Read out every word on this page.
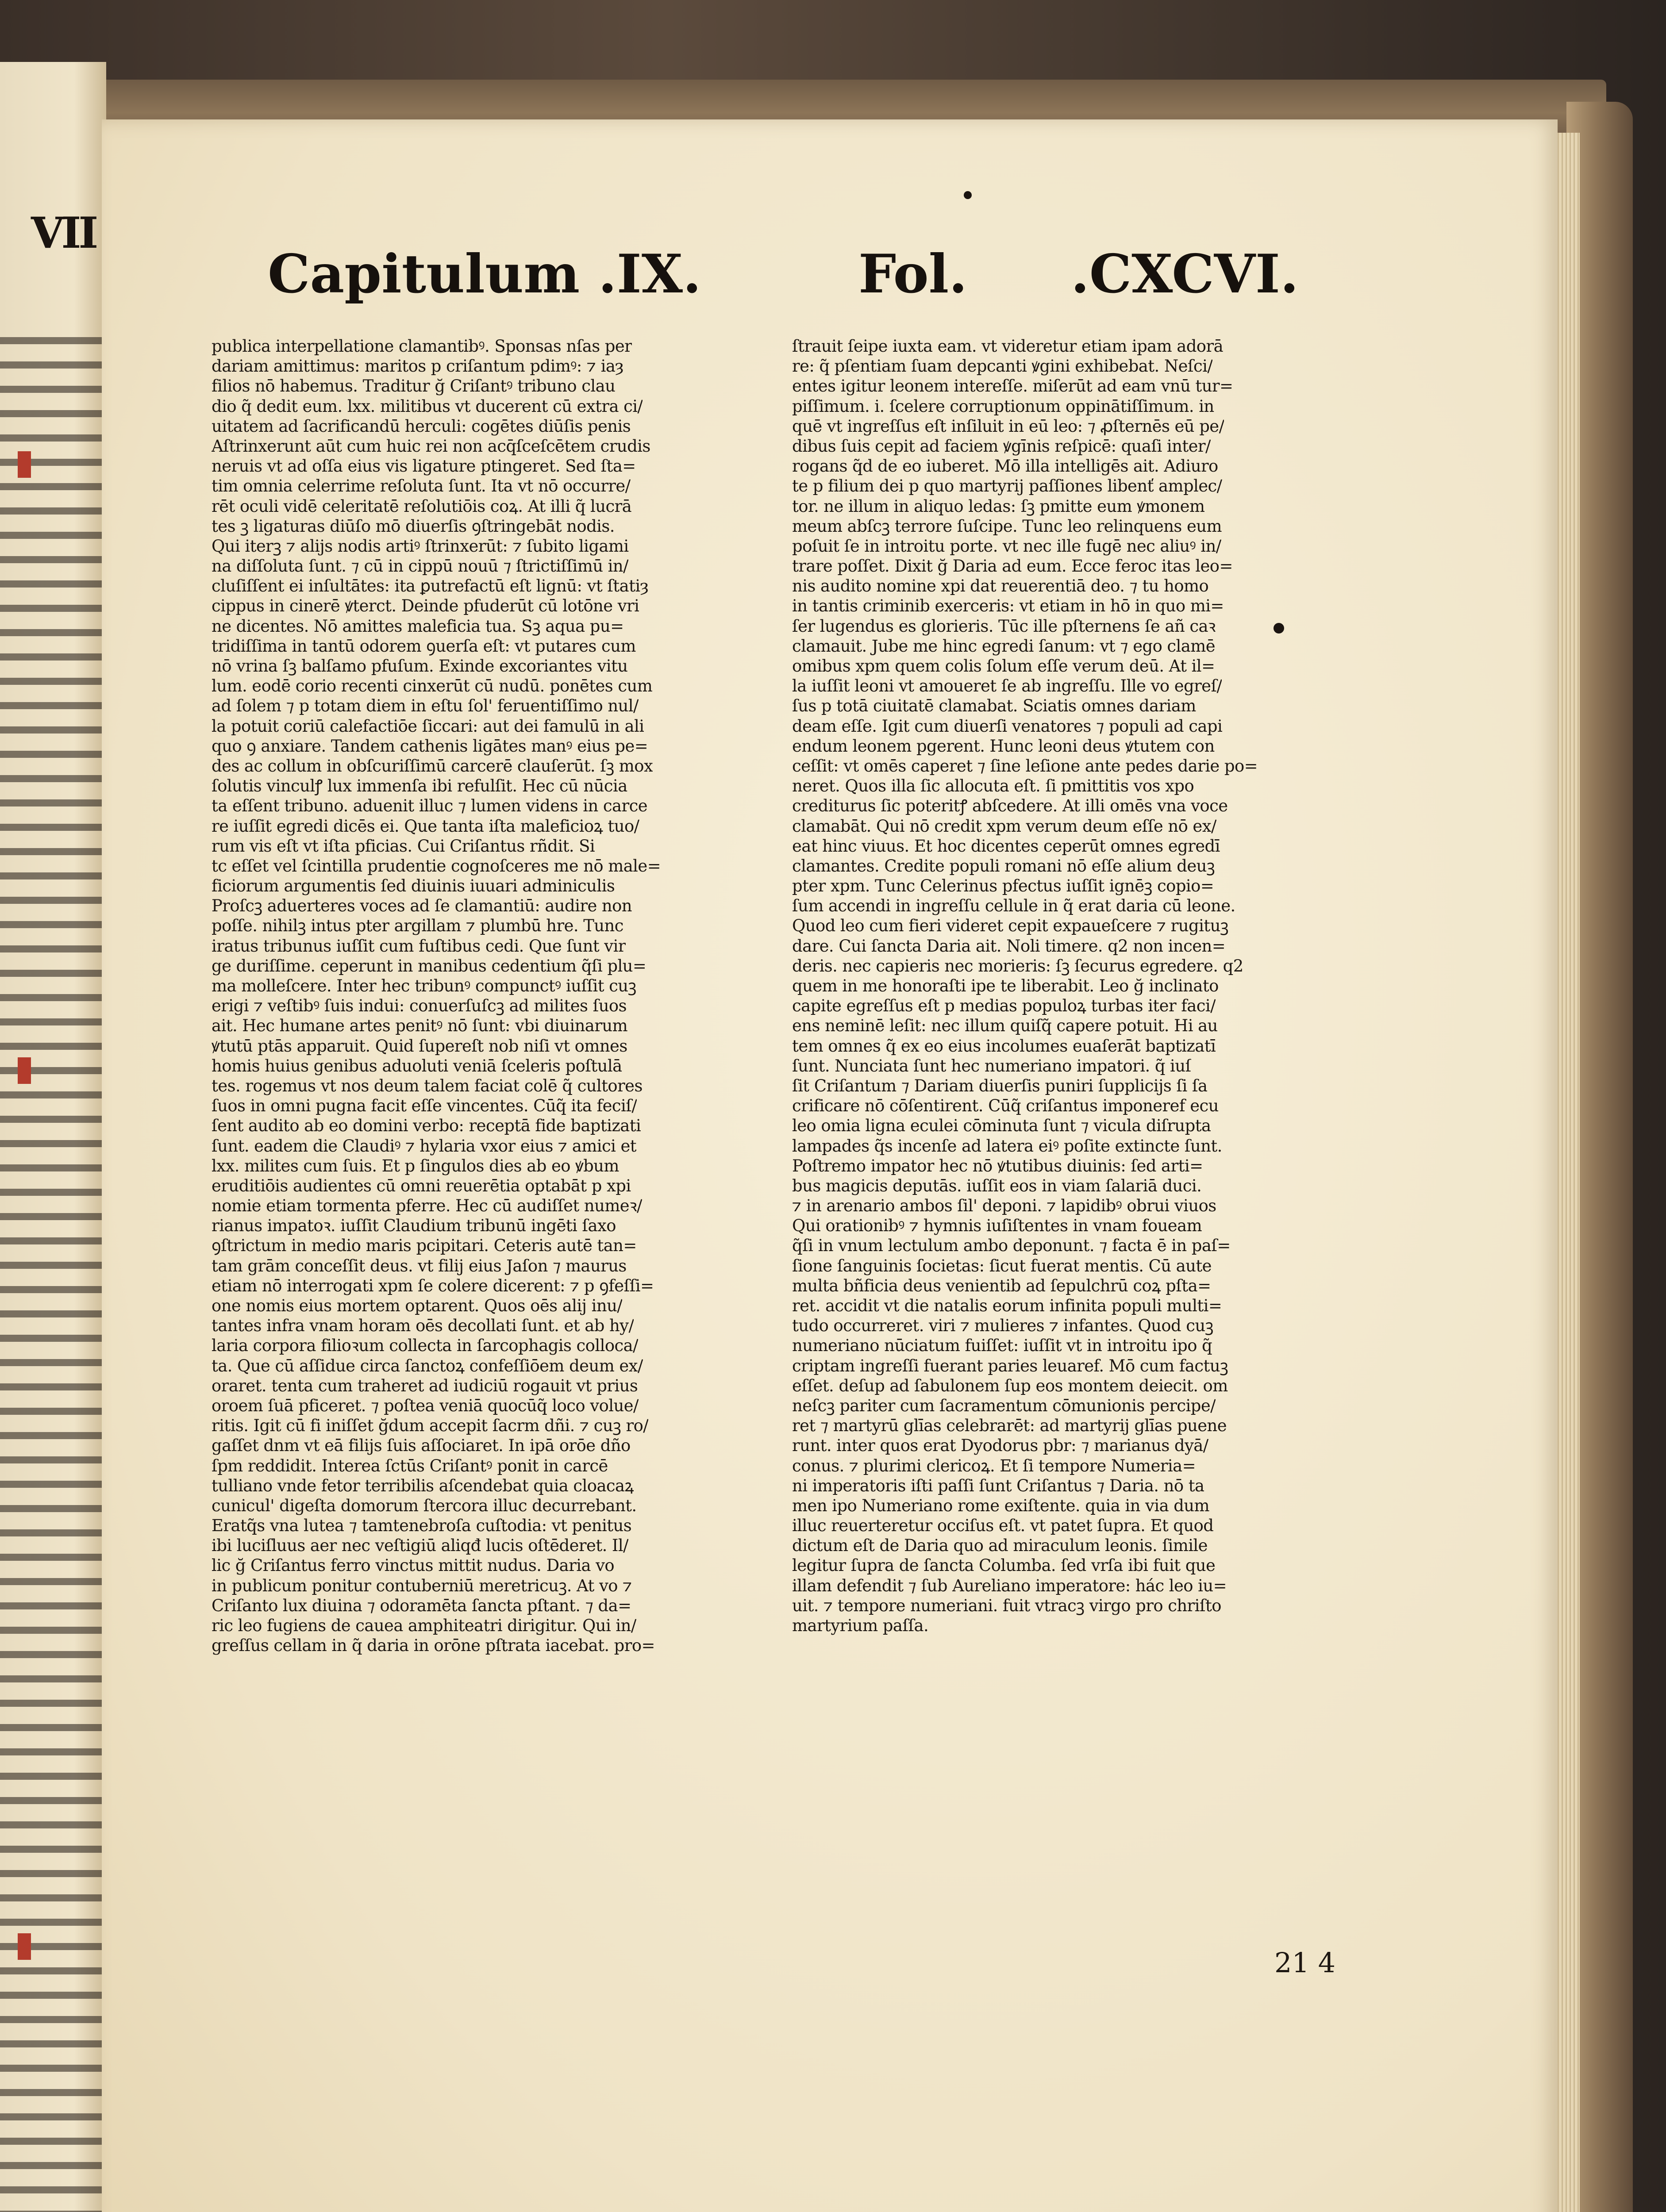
VII
Capitulum .IX.	Fol. .CXCVI.
publica interpellatione clamantibꝰ. Sponsas nſas per
dariam amittimus: maritos p criſantum pdimꝰ: ⁊ iaȝ
filios nō habemus. Traditur ğ Criſantꝰ tribuno clau
dio q̃ dedit eum. lxx. militibus vt ducerent cū extra ci/
uitatem ad ſacrificandū herculi: cogētes diūſis penis
Aſtrinxerunt aūt cum huic rei non acq̄ſceſcētem crudis
neruis vt ad oſſa eius vis ligature ptingeret. Sed ſta=
tim omnia celerrime reſoluta ſunt. Ita vt nō occurre/
rēt oculi vidē celeritatē reſolutiōis coꝝ. At illi q̃ lucrā
tes ꝫ ligaturas diūſo mō diuerſis ꝯſtringebāt nodis.
Qui iterꝫ ⁊ alijs nodis artiꝰ ſtrinxerūt: ⁊ ſubito ligami
na diſſoluta ſunt. ⁊ cū in cippū nouū ⁊ ſtrictiſſimū in/
cluſiſſent ei inſultātes: ita ꝑutrefactū eſt lignū: vt ſtatiȝ
cippus in cinerē ꝟterct. Deinde pfuderūt cū lotōne vri
ne dicentes. Nō amittes maleficia tua. Sꝫ aqua pu=
tridiſſima in tantū odorem ꝯuerſa eſt: vt putares cum
nō vrina ſꝫ balſamo pfuſum. Exinde excoriantes vitu
lum. eodē corio recenti cinxerūt cū nudū. ponētes cum
ad ſolem ⁊ p totam diem in eſtu ſol' feruentiſſimo nul/
la potuit coriū calefactiōe ſiccari: aut dei famulū in ali
quo ꝯ anxiare. Tandem cathenis ligātes manꝰ eius pe=
des ac collum in obſcuriſſimū carcerē clauſerūt. ſꝫ mox
ſolutis vinculꝭ lux immenſa ibi refulſit. Hec cū nūcia
ta eſſent tribuno. aduenit illuc ⁊ lumen videns in carce
re iuſſit egredi dicēs ei. Que tanta iſta maleficioꝝ tuo/
rum vis eſt vt iſta pficias. Cui Criſantus rñdit. Si
tc eſſet vel ſcintilla prudentie cognoſceres me nō male=
ficiorum argumentis ſed diuinis iuuari adminiculis
Proſcꝫ aduerteres voces ad ſe clamantiū: audire non
poſſe. nihilꝫ intus pter argillam ⁊ plumbū hre. Tunc
iratus tribunus iuſſit cum fuſtibus cedi. Que ſunt vir
ge duriſſime. ceperunt in manibus cedentium q̃ſi plu=
ma molleſcere. Inter hec tribunꝰ compunctꝰ iuſſit cuꝫ
erigi ⁊ veſtibꝰ ſuis indui: conuerſuſcꝫ ad milites ſuos
ait. Hec humane artes penitꝰ nō ſunt: vbi diuinarum
ꝟtutū ptās apparuit. Quid ſupereſt nob niſi vt omnes
homis huius genibus aduoluti veniā ſceleris poſtulā
tes. rogemus vt nos deum talem faciat colē q̃ cultores
ſuos in omni pugna facit eſſe vincentes. Cūq̃ ita feciſ/
ſent audito ab eo domini verbo: receptā fide baptizati
ſunt. eadem die Claudiꝰ ⁊ hylaria vxor eius ⁊ amici et
lxx. milites cum ſuis. Et p ſingulos dies ab eo ꝟbum
eruditiōis audientes cū omni reuerētia optabāt p xpi
nomie etiam tormenta pferre. Hec cū audiſſet numeꝛ/
rianus impatoꝛ. iuſſit Claudium tribunū ingēti ſaxo
ꝯſtrictum in medio maris pcipitari. Ceteris autē tan=
tam grām conceſſit deus. vt filij eius Jaſon ⁊ maurus
etiam nō interrogati xpm ſe colere dicerent: ⁊ p ꝯfeſſi=
one nomis eius mortem optarent. Quos oēs alij inu/
tantes infra vnam horam oēs decollati ſunt. et ab hy/
laria corpora filioꝛum collecta in ſarcophagis colloca/
ta. Que cū aſſidue circa ſanctoꝝ confeſſiōem deum ex/
oraret. tenta cum traheret ad iudiciū rogauit vt prius
oroem ſuā pficeret. ⁊ poſtea veniā quocūq̃ loco volue/
ritis. Igit cū fi iniſſet ğdum accepit ſacrm dñi. ⁊ cuꝫ ro/
gaſſet dnm vt eā filijs ſuis aſſociaret. In ipā orōe dño
ſpm reddidit. Interea ſctūs Criſantꝰ ponit in carcē
tulliano vnde fetor terribilis aſcendebat quia cloacaꝝ
cunicul' digeſta domorum ſtercora illuc decurrebant.
Eratq̃s vna lutea ⁊ tamtenebroſa cuſtodia: vt penitus
ibi luciſluus aer nec veſtigiū aliqđ lucis oſtēderet. Il/
lic ğ Criſantus ferro vinctus mittit nudus. Daria vo
in publicum ponitur contuberniū meretricuꝫ. At vo ⁊
Criſanto lux diuina ⁊ odoramēta ſancta pſtant. ⁊ da=
ric leo fugiens de cauea amphiteatri dirigitur. Qui in/
greſſus cellam in q̃ daria in orōne pſtrata iacebat. pro=
ſtrauit ſeipe iuxta eam. vt videretur etiam ipam adorā
re: q̃ pſentiam ſuam depcanti ꝟgini exhibebat. Neſci/
entes igitur leonem intereſſe. miſerūt ad eam vnū tur=
piſſimum. i. ſcelere corruptionum oppinātiſſimum. in
quē vt ingreſſus eſt inſiluit in eū leo: ⁊ ꝓſternēs eū pe/
dibus ſuis cepit ad faciem ꝟgīnis reſpicē: quaſi inter/
rogans q̃d de eo iuberet. Mō illa intelligēs ait. Adiuro
te p filium dei p quo martyrij paſſiones libenť amplec/
tor. ne illum in aliquo ledas: ſꝫ pmitte eum ꝟmonem
meum abſcꝫ terrore ſuſcipe. Tunc leo relinquens eum
poſuit ſe in introitu porte. vt nec ille fugē nec aliuꝰ in/
trare poſſet. Dixit ğ Daria ad eum. Ecce feroc itas leo=
nis audito nomine xpi dat reuerentiā deo. ⁊ tu homo
in tantis criminib exerceris: vt etiam in hō in quo mi=
ſer lugendus es glorieris. Tūc ille pſternens ſe añ caꝛ
clamauit. Jube me hinc egredi ſanum: vt ⁊ ego clamē
omibus xpm quem colis ſolum eſſe verum deū. At il=
la iuſſit leoni vt amoueret ſe ab ingreſſu. Ille vo egreſ/
ſus p totā ciuitatē clamabat. Sciatis omnes dariam
deam eſſe. Igit cum diuerſi venatores ⁊ populi ad capi
endum leonem pgerent. Hunc leoni deus ꝟtutem con
ceſſit: vt omēs caperet ⁊ ſine leſione ante pedes darie po=
neret. Quos illa ſic allocuta eſt. ſi pmittitis vos xpo
crediturus ſic poteritꝭ abſcedere. At illi omēs vna voce
clamabāt. Qui nō credit xpm verum deum eſſe nō ex/
eat hinc viuus. Et hoc dicentes ceperūt omnes egredī
clamantes. Credite populi romani nō eſſe alium deuꝫ
pter xpm. Tunc Celerinus pfectus iuſſit ignēꝫ copio=
ſum accendi in ingreſſu cellule in q̃ erat daria cū leone.
Quod leo cum fieri videret cepit expaueſcere ⁊ rugituꝫ
dare. Cui ſancta Daria ait. Noli timere. q2 non incen=
deris. nec capieris nec morieris: ſꝫ ſecurus egredere. q2
quem in me honoraſti ipe te liberabit. Leo ğ inclinato
capite egreſſus eſt p medias populoꝝ turbas iter faci/
ens neminē leſit: nec illum quiſq̃ capere potuit. Hi au
tem omnes q̃ ex eo eius incolumes euaſerāt baptizatī
ſunt. Nunciata ſunt hec numeriano impatori. q̃ iuſ
ſit Criſantum ⁊ Dariam diuerſis puniri ſupplicijs ſi ſa
crificare nō cōſentirent. Cūq̃ criſantus imponeref ecu
leo omia ligna eculei cōminuta ſunt ⁊ vicula diſrupta
lampades q̃s incenſe ad latera eiꝰ poſite extincte ſunt.
Poſtremo impator hec nō ꝟtutibus diuinis: ſed arti=
bus magicis deputās. iuſſit eos in viam ſalariā duci.
⁊ in arenario ambos ſil' deponi. ⁊ lapidibꝰ obrui viuos
Qui orationibꝰ ⁊ hymnis iuſiſtentes in vnam foueam
q̃ſi in vnum lectulum ambo deponunt. ⁊ facta ē in paſ=
ſione ſanguinis ſocietas: ſicut fuerat mentis. Cū aute
multa bñficia deus venientib ad ſepulchrū coꝝ pſta=
ret. accidit vt die natalis eorum infinita populi multi=
tudo occurreret. viri ⁊ mulieres ⁊ infantes. Quod cuꝫ
numeriano nūciatum fuiſſet: iuſſit vt in introitu ipo q̃
criptam ingreſſi fuerant paries leuaref. Mō cum factuꝫ
eſſet. deſup ad ſabulonem ſup eos montem deiecit. om
neſcꝫ pariter cum ſacramentum cōmunionis percipe/
ret ⁊ martyrū glīas celebrarēt: ad martyrij glīas puene
runt. inter quos erat Dyodorus pbr: ⁊ marianus dyā/
conus. ⁊ plurimi clericoꝝ. Et ſi tempore Numeria=
ni imperatoris iſti paſſi ſunt Criſantus ⁊ Daria. nō ta
men ipo Numeriano rome exiſtente. quia in via dum
illuc reuerteretur occiſus eſt. vt patet ſupra. Et quod
dictum eſt de Daria quo ad miraculum leonis. ſimile
legitur ſupra de ſancta Columba. ſed vrſa ibi fuit que
illam defendit ⁊ ſub Aureliano imperatore: hác leo iu=
uit. ⁊ tempore numeriani. fuit vtracꝫ virgo pro chriſto
martyrium paſſa.
21 4
